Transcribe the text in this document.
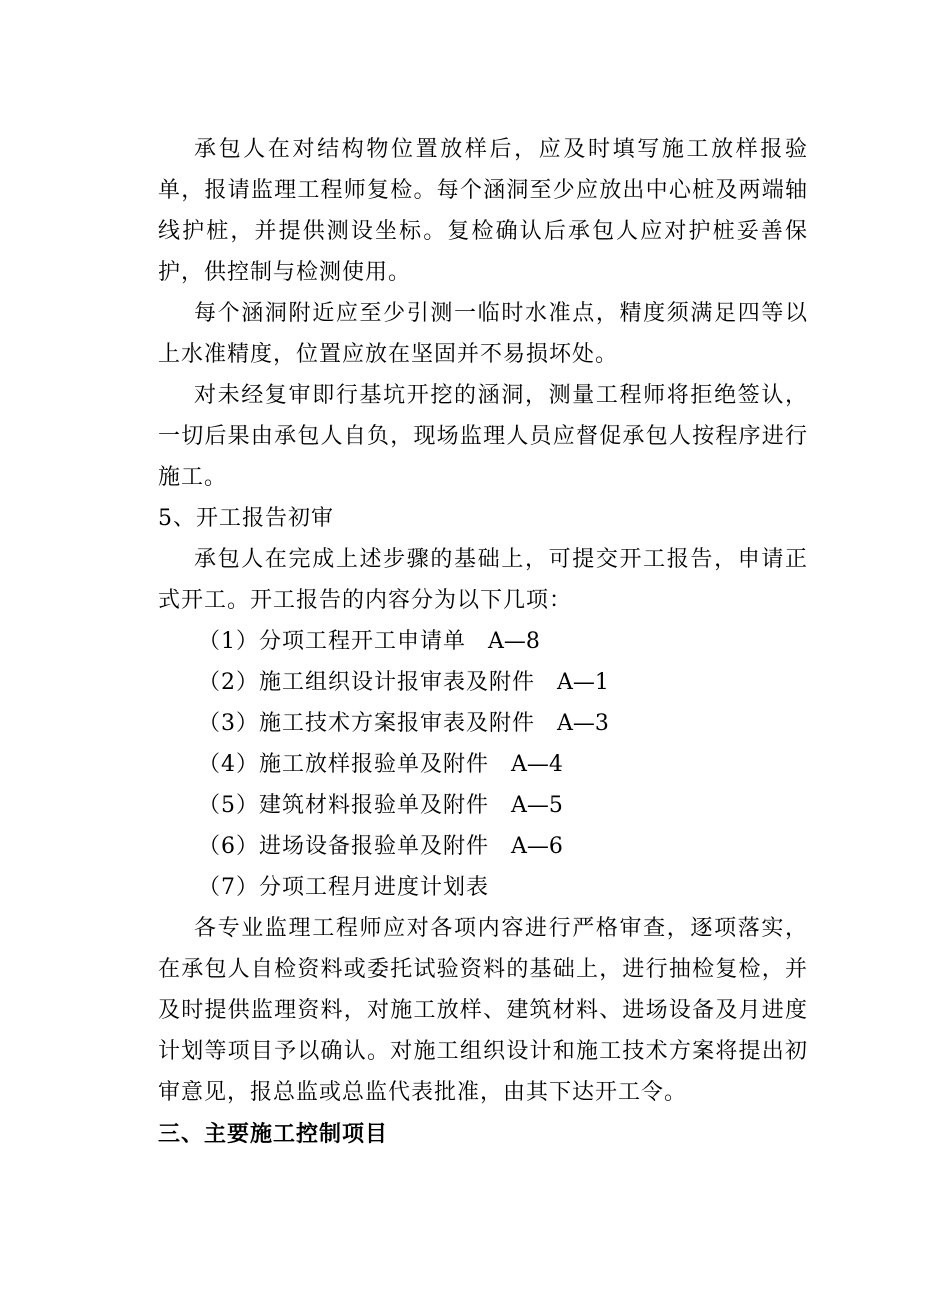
承包人在对结构物位置放样后，应及时填写施工放样报验单，报请监理工程师复检。每个涵洞至少应放出中心桩及两端轴线护桩，并提供测设坐标。复检确认后承包人应对护桩妥善保护，供控制与检测使用。

每个涵洞附近应至少引测一临时水准点，精度须满足四等以上水准精度，位置应放在坚固并不易损坏处。

对未经复审即行基坑开挖的涵洞，测量工程师将拒绝签认，一切后果由承包人自负，现场监理人员应督促承包人按程序进行施工。

5、开工报告初审

承包人在完成上述步骤的基础上，可提交开工报告，申请正式开工。开工报告的内容分为以下几项：

（1）分项工程开工申请单 A—8
（2）施工组织设计报审表及附件 A—1
（3）施工技术方案报审表及附件 A—3
（4）施工放样报验单及附件 A—4
（5）建筑材料报验单及附件 A—5
（6）进场设备报验单及附件 A—6
（7）分项工程月进度计划表

各专业监理工程师应对各项内容进行严格审查，逐项落实，在承包人自检资料或委托试验资料的基础上，进行抽检复检，并及时提供监理资料，对施工放样、建筑材料、进场设备及月进度计划等项目予以确认。对施工组织设计和施工技术方案将提出初审意见，报总监或总监代表批准，由其下达开工令。

三、主要施工控制项目
